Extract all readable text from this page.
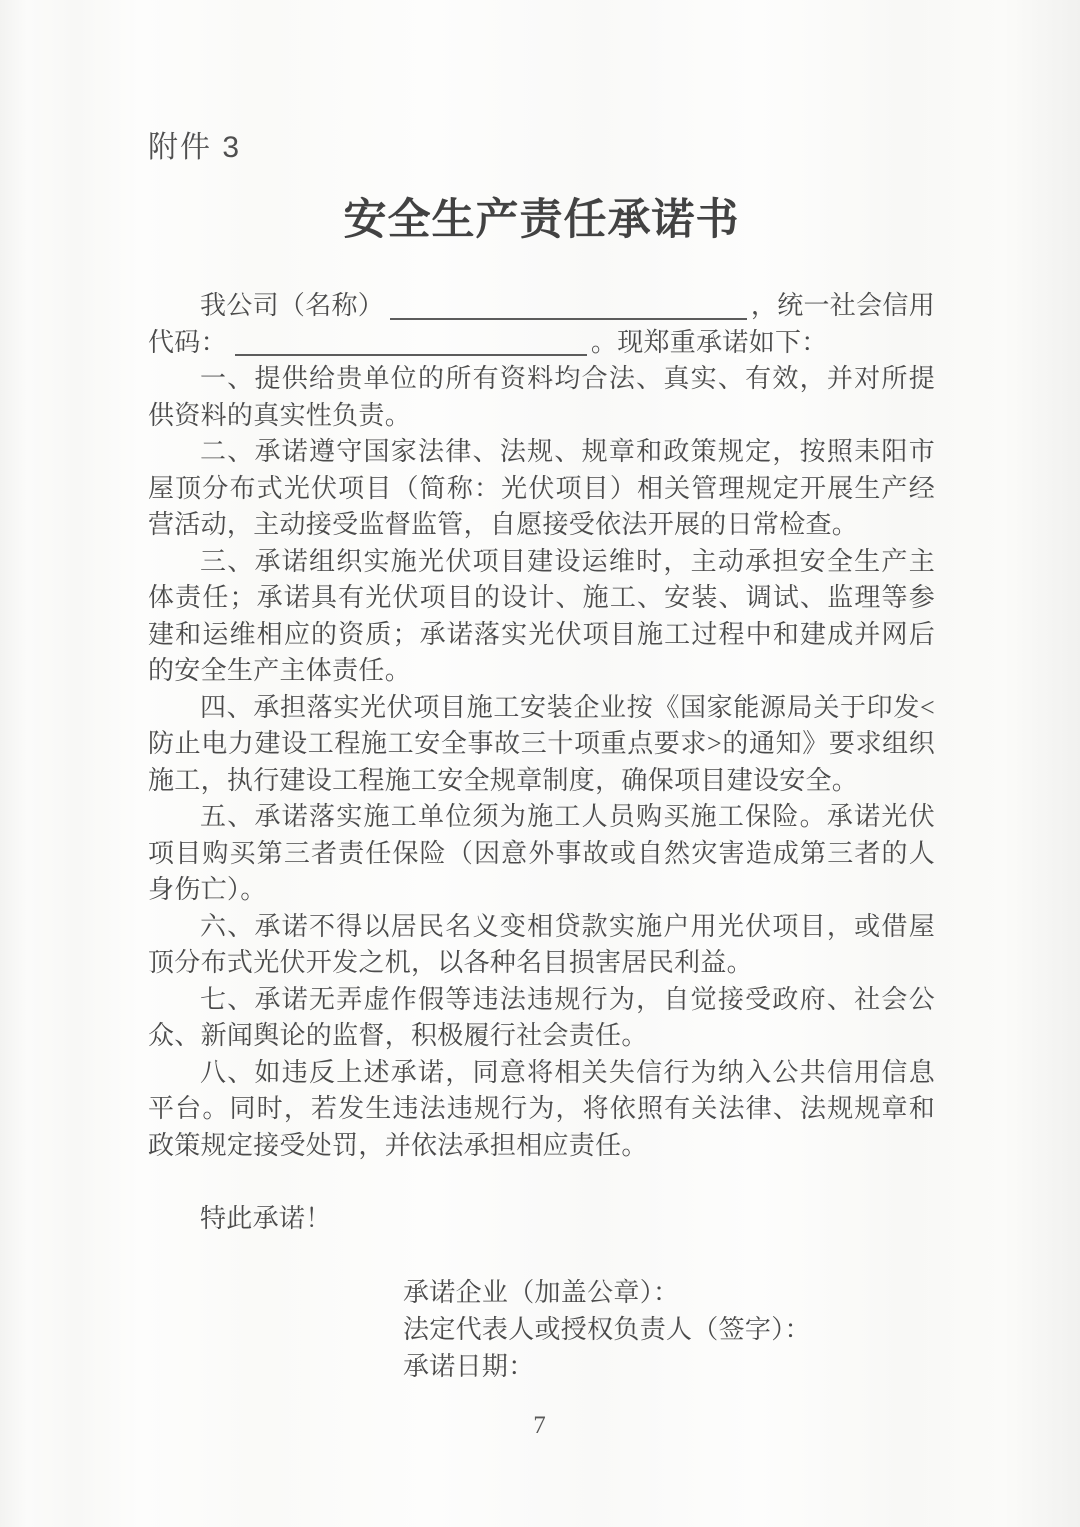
附件 3
安全生产责任承诺书
我公司（名称）	，统一社会信用
代码：	。现郑重承诺如下：

一、提供给贵单位的所有资料均合法、真实、有效，并对所提供资料的真实性负责。

二、承诺遵守国家法律、法规、规章和政策规定，按照耒阳市屋顶分布式光伏项目（简称：光伏项目）相关管理规定开展生产经营活动，主动接受监督监管，自愿接受依法开展的日常检查。

三、承诺组织实施光伏项目建设运维时，主动承担安全生产主体责任；承诺具有光伏项目的设计、施工、安装、调试、监理等参建和运维相应的资质；承诺落实光伏项目施工过程中和建成并网后的安全生产主体责任。

四、承担落实光伏项目施工安装企业按《国家能源局关于印发<防止电力建设工程施工安全事故三十项重点要求>的通知》要求组织施工，执行建设工程施工安全规章制度，确保项目建设安全。

五、承诺落实施工单位须为施工人员购买施工保险。承诺光伏项目购买第三者责任保险（因意外事故或自然灾害造成第三者的人身伤亡）。

六、承诺不得以居民名义变相贷款实施户用光伏项目，或借屋顶分布式光伏开发之机，以各种名目损害居民利益。

七、承诺无弄虚作假等违法违规行为，自觉接受政府、社会公众、新闻舆论的监督，积极履行社会责任。

八、如违反上述承诺，同意将相关失信行为纳入公共信用信息平台。同时，若发生违法违规行为，将依照有关法律、法规规章和政策规定接受处罚，并依法承担相应责任。

特此承诺！

承诺企业（加盖公章）：
法定代表人或授权负责人（签字）：
承诺日期：
7
